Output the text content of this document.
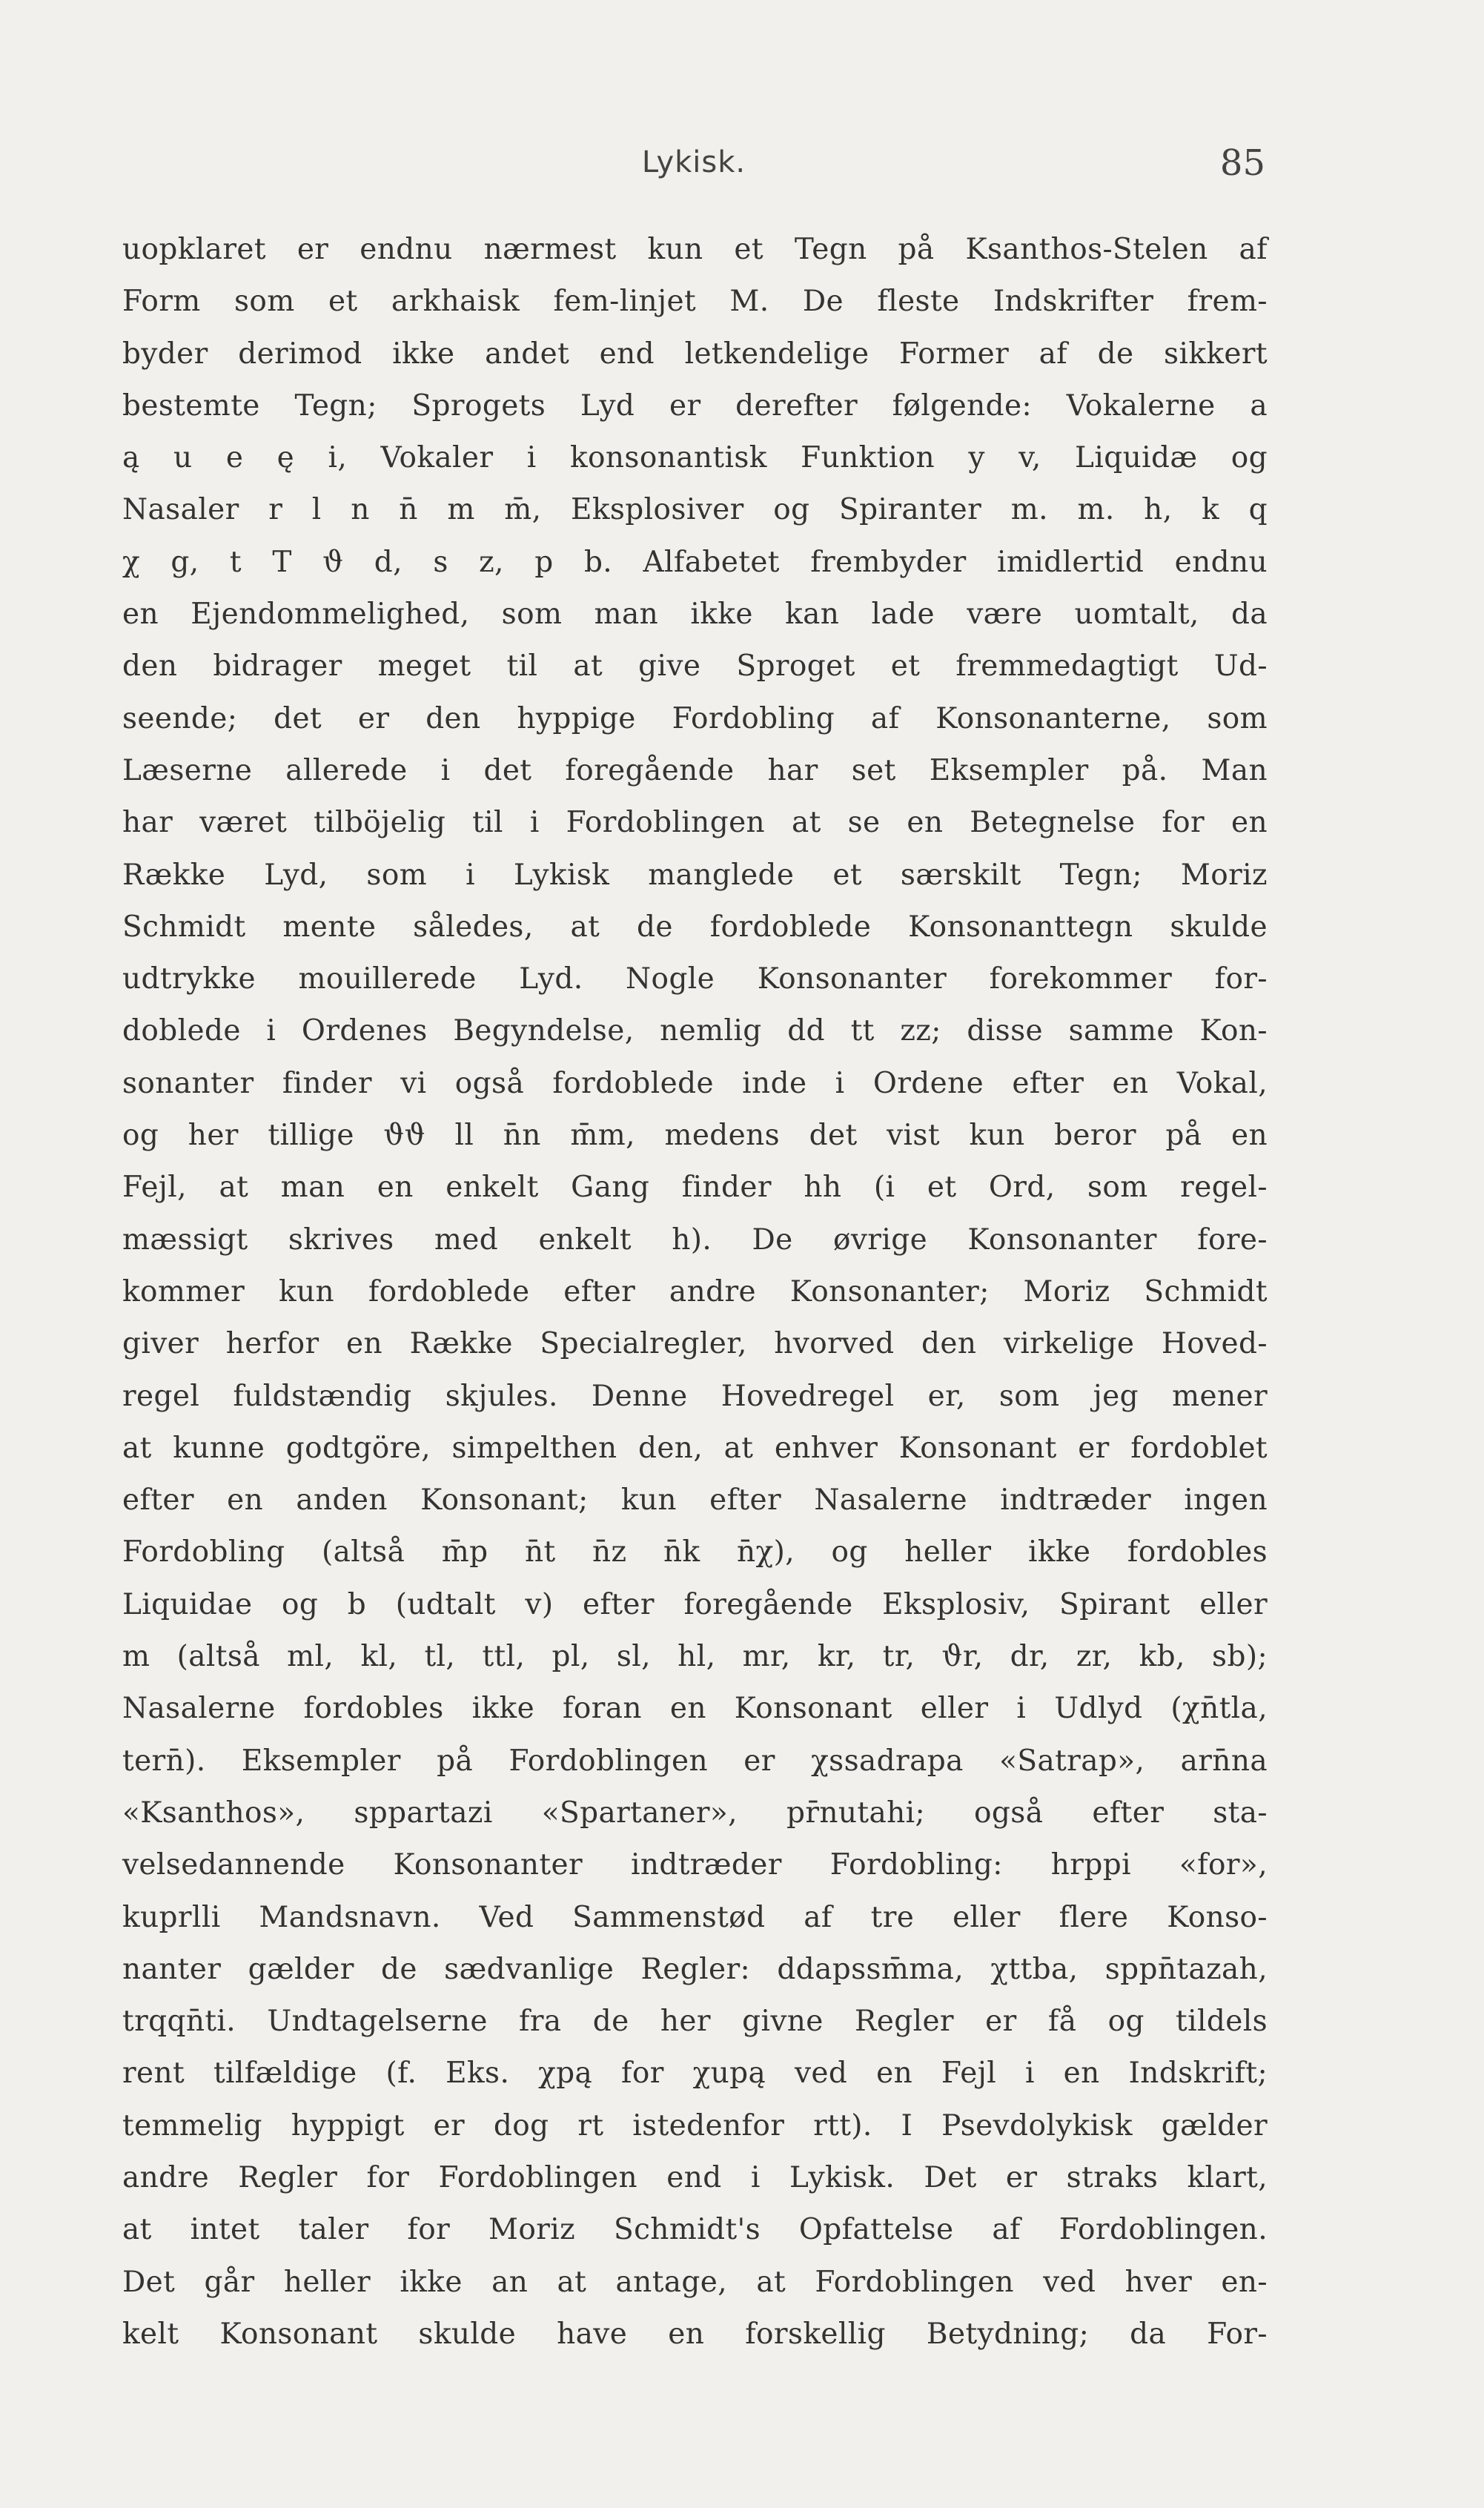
Lykisk.	85
uopklaret er endnu nærmest kun et Tegn på Ksanthos-Stelen af
Form som et arkhaisk fem-linjet M. De fleste Indskrifter frem-
byder derimod ikke andet end letkendelige Former af de sikkert
bestemte Tegn; Sprogets Lyd er derefter følgende: Vokalerne a
ą u e ę i, Vokaler i konsonantisk Funktion y v, Liquidæ og
Nasaler r l n n̄ m m̄, Eksplosiver og Spiranter m. m. h, k q
χ g, t T ϑ d, s z, p b. Alfabetet frembyder imidlertid endnu
en Ejendommelighed, som man ikke kan lade være uomtalt, da
den bidrager meget til at give Sproget et fremmedagtigt Ud-
seende; det er den hyppige Fordobling af Konsonanterne, som
Læserne allerede i det foregående har set Eksempler på. Man
har været tilböjelig til i Fordoblingen at se en Betegnelse for en
Række Lyd, som i Lykisk manglede et særskilt Tegn; Moriz
Schmidt mente således, at de fordoblede Konsonanttegn skulde
udtrykke mouillerede Lyd. Nogle Konsonanter forekommer for-
doblede i Ordenes Begyndelse, nemlig dd tt zz; disse samme Kon-
sonanter finder vi også fordoblede inde i Ordene efter en Vokal,
og her tillige ϑϑ ll n̄n m̄m, medens det vist kun beror på en
Fejl, at man en enkelt Gang finder hh (i et Ord, som regel-
mæssigt skrives med enkelt h). De øvrige Konsonanter fore-
kommer kun fordoblede efter andre Konsonanter; Moriz Schmidt
giver herfor en Række Specialregler, hvorved den virkelige Hoved-
regel fuldstændig skjules. Denne Hovedregel er, som jeg mener
at kunne godtgöre, simpelthen den, at enhver Konsonant er fordoblet
efter en anden Konsonant; kun efter Nasalerne indtræder ingen
Fordobling (altså m̄p n̄t n̄z n̄k n̄χ), og heller ikke fordobles
Liquidae og b (udtalt v) efter foregående Eksplosiv, Spirant eller
m (altså ml, kl, tl, ttl, pl, sl, hl, mr, kr, tr, ϑr, dr, zr, kb, sb);
Nasalerne fordobles ikke foran en Konsonant eller i Udlyd (χn̄tla,
tern̄). Eksempler på Fordoblingen er χssadrapa «Satrap», arn̄na
«Ksanthos», sppartazi «Spartaner», pr̄nutahi; også efter sta-
velsedannende Konsonanter indtræder Fordobling: hrppi «for»,
kuprlli Mandsnavn. Ved Sammenstød af tre eller flere Konso-
nanter gælder de sædvanlige Regler: ddapssm̄ma, χttba, sppn̄tazah,
trqqn̄ti. Undtagelserne fra de her givne Regler er få og tildels
rent tilfældige (f. Eks. χpą for χupą ved en Fejl i en Indskrift;
temmelig hyppigt er dog rt istedenfor rtt). I Psevdolykisk gælder
andre Regler for Fordoblingen end i Lykisk. Det er straks klart,
at intet taler for Moriz Schmidt's Opfattelse af Fordoblingen.
Det går heller ikke an at antage, at Fordoblingen ved hver en-
kelt Konsonant skulde have en forskellig Betydning; da For-
